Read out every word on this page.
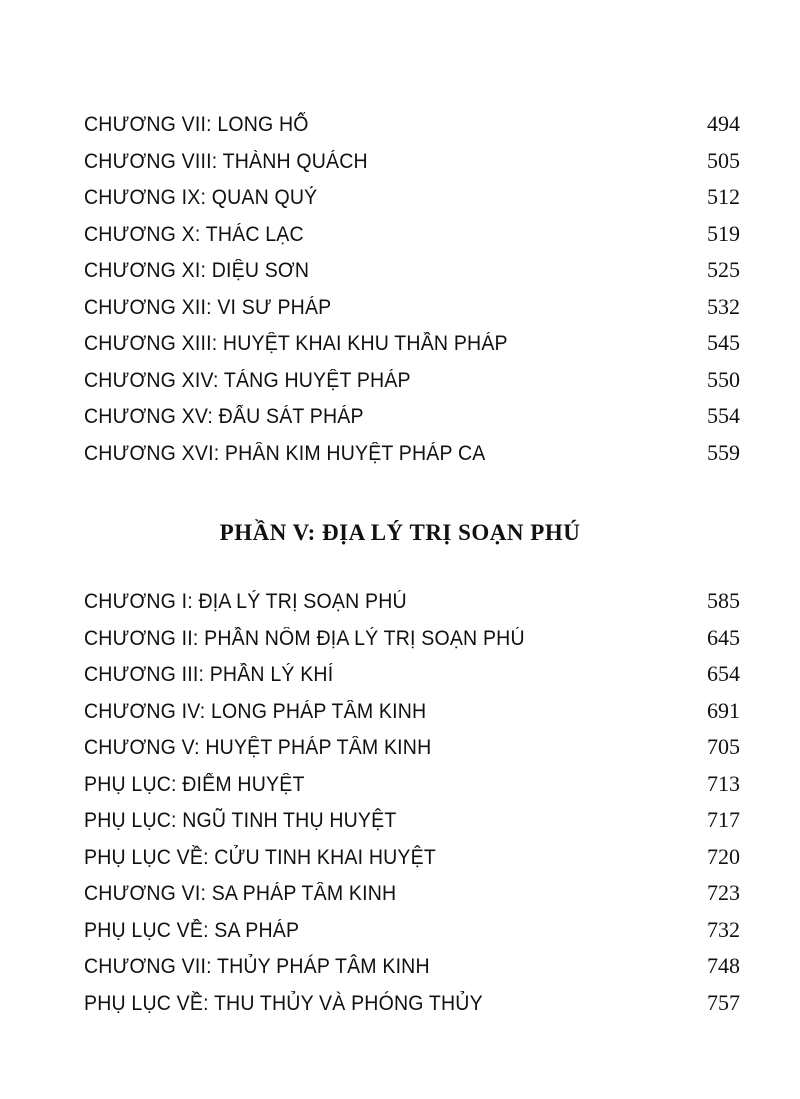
CHƯƠNG VII: LONG HỔ	494
CHƯƠNG VIII: THÀNH QUÁCH	505
CHƯƠNG IX: QUAN QUỶ	512
CHƯƠNG X: THÁC LẠC	519
CHƯƠNG XI: DIỆU SƠN	525
CHƯƠNG XII: VI SƯ PHÁP	532
CHƯƠNG XIII: HUYỆT KHAI KHU THẦN PHÁP	545
CHƯƠNG XIV: TÁNG HUYỆT PHÁP	550
CHƯƠNG XV: ĐẤU SÁT PHÁP	554
CHƯƠNG XVI: PHÂN KIM HUYỆT PHÁP CA	559
PHẦN V: ĐỊA LÝ TRỊ SOẠN PHÚ
CHƯƠNG I: ĐỊA LÝ TRỊ SOẠN PHÚ	585
CHƯƠNG II: PHẦN NÔM ĐỊA LÝ TRỊ SOẠN PHÚ	645
CHƯƠNG III: PHẦN LÝ KHÍ	654
CHƯƠNG IV: LONG PHÁP TÂM KINH	691
CHƯƠNG V: HUYỆT PHÁP TÂM KINH	705
PHỤ LỤC: ĐIỂM HUYỆT	713
PHỤ LỤC: NGŨ TINH THỤ HUYỆT	717
PHỤ LỤC VỀ: CỬU TINH KHAI HUYỆT	720
CHƯƠNG VI: SA PHÁP TÂM KINH	723
PHỤ LỤC VỀ: SA PHÁP	732
CHƯƠNG VII: THỦY PHÁP TÂM KINH	748
PHỤ LỤC VỀ: THU THỦY VÀ PHÓNG THỦY	757
